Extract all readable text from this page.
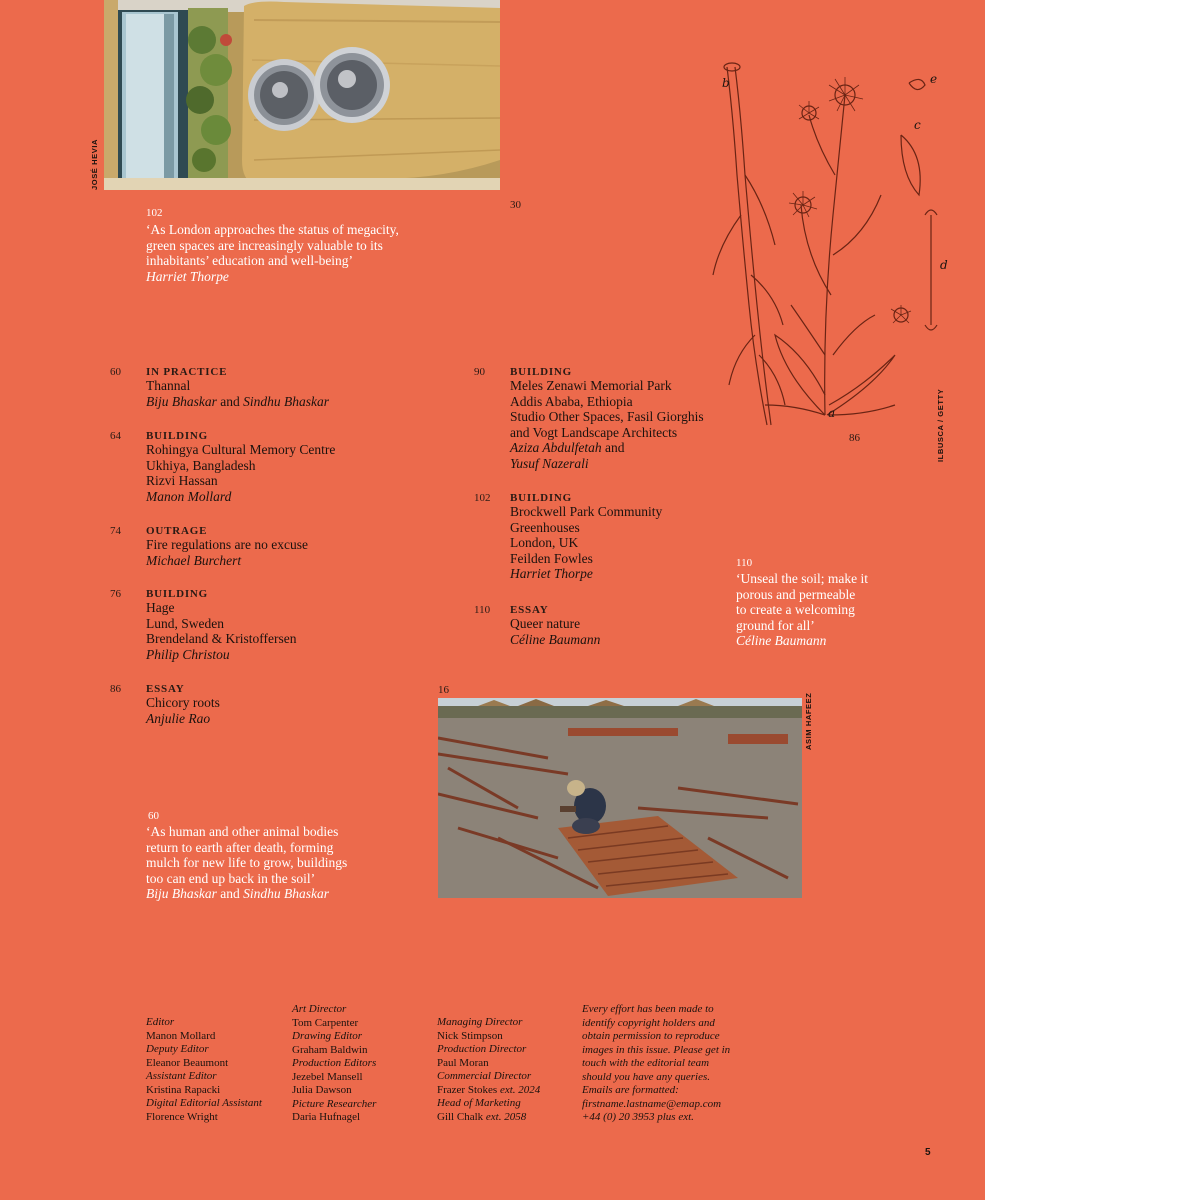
JOSÉ HEVIA
102
‘As London approaches the status of megacity,
green spaces are increasingly valuable to its
inhabitants’ education and well-being’
Harriet Thorpe
30
b	e
c
d
a
86	ILBUSCA / GETTY
60 IN PRACTICE
Thannal
Biju Bhaskar and Sindhu Bhaskar
64 BUILDING
Rohingya Cultural Memory Centre
Ukhiya, Bangladesh
Rizvi Hassan
Manon Mollard
74 OUTRAGE
Fire regulations are no excuse
Michael Burchert
76 BUILDING
Hage
Lund, Sweden
Brendeland & Kristoffersen
Philip Christou
86 ESSAY
Chicory roots
Anjulie Rao
90 BUILDING
Meles Zenawi Memorial Park
Addis Ababa, Ethiopia
Studio Other Spaces, Fasil Giorghis
and Vogt Landscape Architects
Aziza Abdulfetah and
Yusuf Nazerali
102 BUILDING
Brockwell Park Community
Greenhouses
London, UK
Feilden Fowles
Harriet Thorpe
110 ESSAY
Queer nature
Céline Baumann
110
‘Unseal the soil; make it
porous and permeable
to create a welcoming
ground for all’
Céline Baumann
16
ASIM HAFEEZ
60
‘As human and other animal bodies
return to earth after death, forming
mulch for new life to grow, buildings
too can end up back in the soil’
Biju Bhaskar and Sindhu Bhaskar
Editor
Manon Mollard
Deputy Editor
Eleanor Beaumont
Assistant Editor
Kristina Rapacki
Digital Editorial Assistant
Florence Wright
Art Director
Tom Carpenter
Drawing Editor
Graham Baldwin
Production Editors
Jezebel Mansell
Julia Dawson
Picture Researcher
Daria Hufnagel
Managing Director
Nick Stimpson
Production Director
Paul Moran
Commercial Director
Frazer Stokes ext. 2024
Head of Marketing
Gill Chalk ext. 2058
Every effort has been made to
identify copyright holders and
obtain permission to reproduce
images in this issue. Please get in
touch with the editorial team
should you have any queries.
Emails are formatted:
firstname.lastname@emap.com
+44 (0) 20 3953 plus ext.
5
